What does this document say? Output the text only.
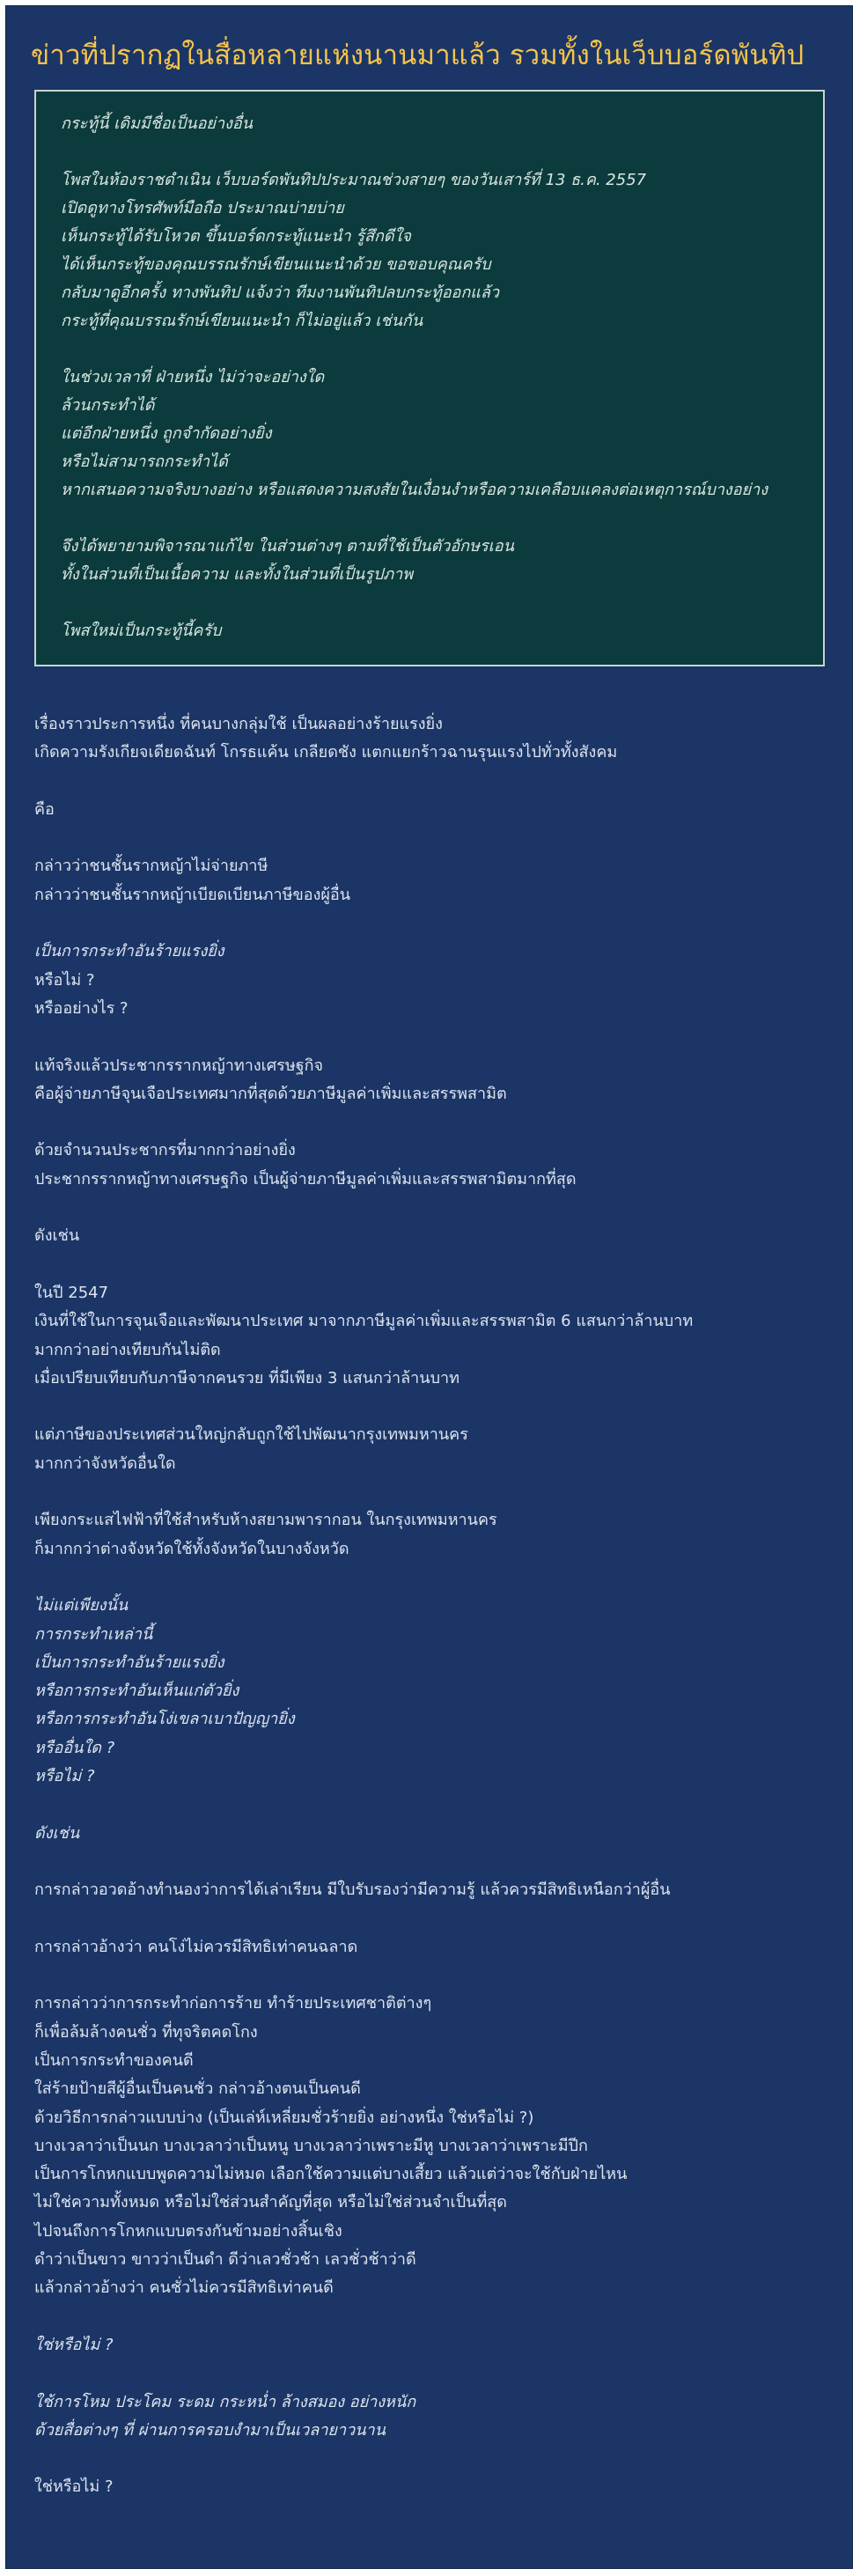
ข่าวที่ปรากฏในสื่อหลายแห่งนานมาแล้ว รวมทั้งในเว็บบอร์ดพันทิป
กระทู้นี้ เดิมมีชื่อเป็นอย่างอื่น
โพสในห้องราชดำเนิน เว็บบอร์ดพันทิปประมาณช่วงสายๆ ของวันเสาร์ที่ 13 ธ.ค. 2557
เปิดดูทางโทรศัพท์มือถือ ประมาณบ่ายบ่าย
เห็นกระทู้ได้รับโหวต ขึ้นบอร์ดกระทู้แนะนำ รู้สึกดีใจ
ได้เห็นกระทู้ของคุณบรรณรักษ์เขียนแนะนำด้วย ขอขอบคุณครับ
กลับมาดูอีกครั้ง ทางพันทิป แจ้งว่า ทีมงานพันทิปลบกระทู้ออกแล้ว
กระทู้ที่คุณบรรณรักษ์เขียนแนะนำ ก็ไม่อยู่แล้ว เช่นกัน
ในช่วงเวลาที่ ฝ่ายหนึ่ง ไม่ว่าจะอย่างใด
ล้วนกระทำได้
แต่อีกฝ่ายหนึ่ง ถูกจำกัดอย่างยิ่ง
หรือไม่สามารถกระทำได้
หากเสนอความจริงบางอย่าง หรือแสดงความสงสัยในเงื่อนงำหรือความเคลือบแคลงต่อเหตุการณ์บางอย่าง
จึงได้พยายามพิจารณาแก้ไข ในส่วนต่างๆ ตามที่ใช้เป็นตัวอักษรเอน
ทั้งในส่วนที่เป็นเนื้อความ และทั้งในส่วนที่เป็นรูปภาพ
โพสใหม่เป็นกระทู้นี้ครับ
เรื่องราวประการหนึ่ง ที่คนบางกลุ่มใช้ เป็นผลอย่างร้ายแรงยิ่ง
เกิดความรังเกียจเดียดฉันท์ โกรธแค้น เกลียดชัง แตกแยกร้าวฉานรุนแรงไปทั่วทั้งสังคม
คือ
กล่าวว่าชนชั้นรากหญ้าไม่จ่ายภาษี
กล่าวว่าชนชั้นรากหญ้าเบียดเบียนภาษีของผู้อื่น
เป็นการกระทำอันร้ายแรงยิ่ง
หรือไม่ ?
หรืออย่างไร ?
แท้จริงแล้วประชากรรากหญ้าทางเศรษฐกิจ
คือผู้จ่ายภาษีจุนเจือประเทศมากที่สุดด้วยภาษีมูลค่าเพิ่มและสรรพสามิต
ด้วยจำนวนประชากรที่มากกว่าอย่างยิ่ง
ประชากรรากหญ้าทางเศรษฐกิจ เป็นผู้จ่ายภาษีมูลค่าเพิ่มและสรรพสามิตมากที่สุด
ดังเช่น
ในปี 2547
เงินที่ใช้ในการจุนเจือและพัฒนาประเทศ มาจากภาษีมูลค่าเพิ่มและสรรพสามิต 6 แสนกว่าล้านบาท
มากกว่าอย่างเทียบกันไม่ติด
เมื่อเปรียบเทียบกับภาษีจากคนรวย ที่มีเพียง 3 แสนกว่าล้านบาท
แต่ภาษีของประเทศส่วนใหญ่กลับถูกใช้ไปพัฒนากรุงเทพมหานคร
มากกว่าจังหวัดอื่นใด
เพียงกระแสไฟฟ้าที่ใช้สำหรับห้างสยามพารากอน ในกรุงเทพมหานคร
ก็มากกว่าต่างจังหวัดใช้ทั้งจังหวัดในบางจังหวัด
ไม่แต่เพียงนั้น
การกระทำเหล่านี้
เป็นการกระทำอันร้ายแรงยิ่ง
หรือการกระทำอันเห็นแก่ตัวยิ่ง
หรือการกระทำอันโง่เขลาเบาปัญญายิ่ง
หรืออื่นใด ?
หรือไม่ ?
ดังเช่น
การกล่าวอวดอ้างทำนองว่าการได้เล่าเรียน มีใบรับรองว่ามีความรู้ แล้วควรมีสิทธิเหนือกว่าผู้อื่น
การกล่าวอ้างว่า คนโง่ไม่ควรมีสิทธิเท่าคนฉลาด
การกล่าวว่าการกระทำก่อการร้าย ทำร้ายประเทศชาติต่างๆ
ก็เพื่อล้มล้างคนชั่ว ที่ทุจริตคดโกง
เป็นการกระทำของคนดี
ใส่ร้ายป้ายสีผู้อื่นเป็นคนชั่ว กล่าวอ้างตนเป็นคนดี
ด้วยวิธีการกล่าวแบบบ่าง (เป็นเล่ห์เหลี่ยมชั่วร้ายยิ่ง อย่างหนึ่ง ใช่หรือไม่ ?)
บางเวลาว่าเป็นนก บางเวลาว่าเป็นหนู บางเวลาว่าเพราะมีหู บางเวลาว่าเพราะมีปีก
เป็นการโกหกแบบพูดความไม่หมด เลือกใช้ความแต่บางเสี้ยว แล้วแต่ว่าจะใช้กับฝ่ายไหน
ไม่ใช่ความทั้งหมด หรือไม่ใช่ส่วนสำคัญที่สุด หรือไม่ใช่ส่วนจำเป็นที่สุด
ไปจนถึงการโกหกแบบตรงกันข้ามอย่างสิ้นเชิง
ดำว่าเป็นขาว ขาวว่าเป็นดำ ดีว่าเลวชั่วช้า เลวชั่วช้าว่าดี
แล้วกล่าวอ้างว่า คนชั่วไม่ควรมีสิทธิเท่าคนดี
ใช่หรือไม่ ?
ใช้การโหม ประโคม ระดม กระหน่ำ ล้างสมอง อย่างหนัก
ด้วยสื่อต่างๆ ที่ ผ่านการครอบงำมาเป็นเวลายาวนาน
ใช่หรือไม่ ?
